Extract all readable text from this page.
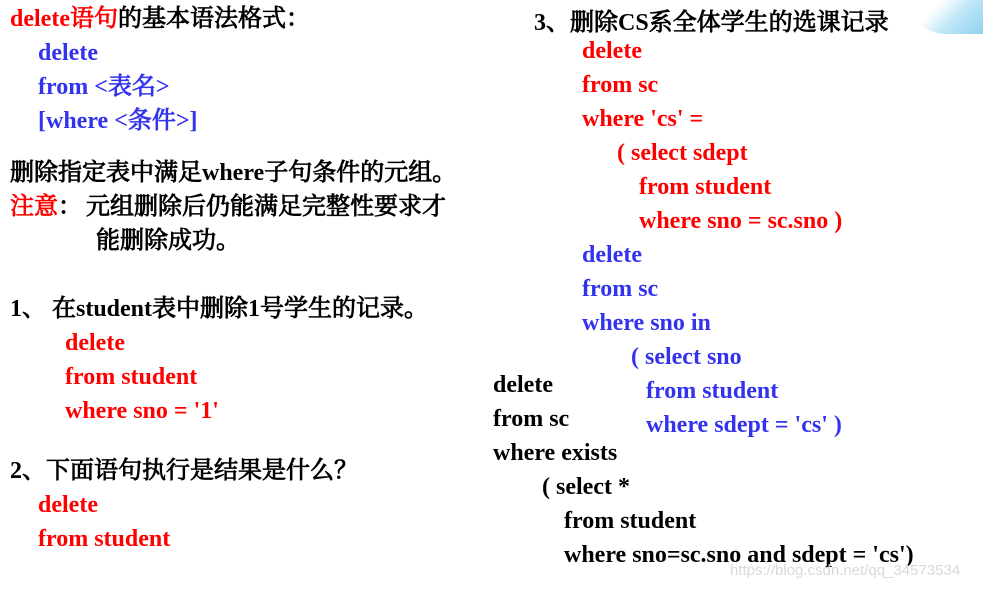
delete语句的基本语法格式：
delete
from <表名>
[where <条件>]
删除指定表中满足where子句条件的元组。
注意： 元组删除后仍能满足完整性要求才
能删除成功。
1、 在student表中删除1号学生的记录。
delete
from student
where sno = '1'
2、下面语句执行是结果是什么？
delete
from student
3、删除CS系全体学生的选课记录
delete
from sc
where 'cs' =
( select sdept
from student
where sno = sc.sno )
delete
from sc
where sno in
( select sno
from student
where sdept = 'cs' )
delete
from sc
where exists
( select *
from student
where sno=sc.sno and sdept = 'cs')
https://blog.csdn.net/qq_34573534
